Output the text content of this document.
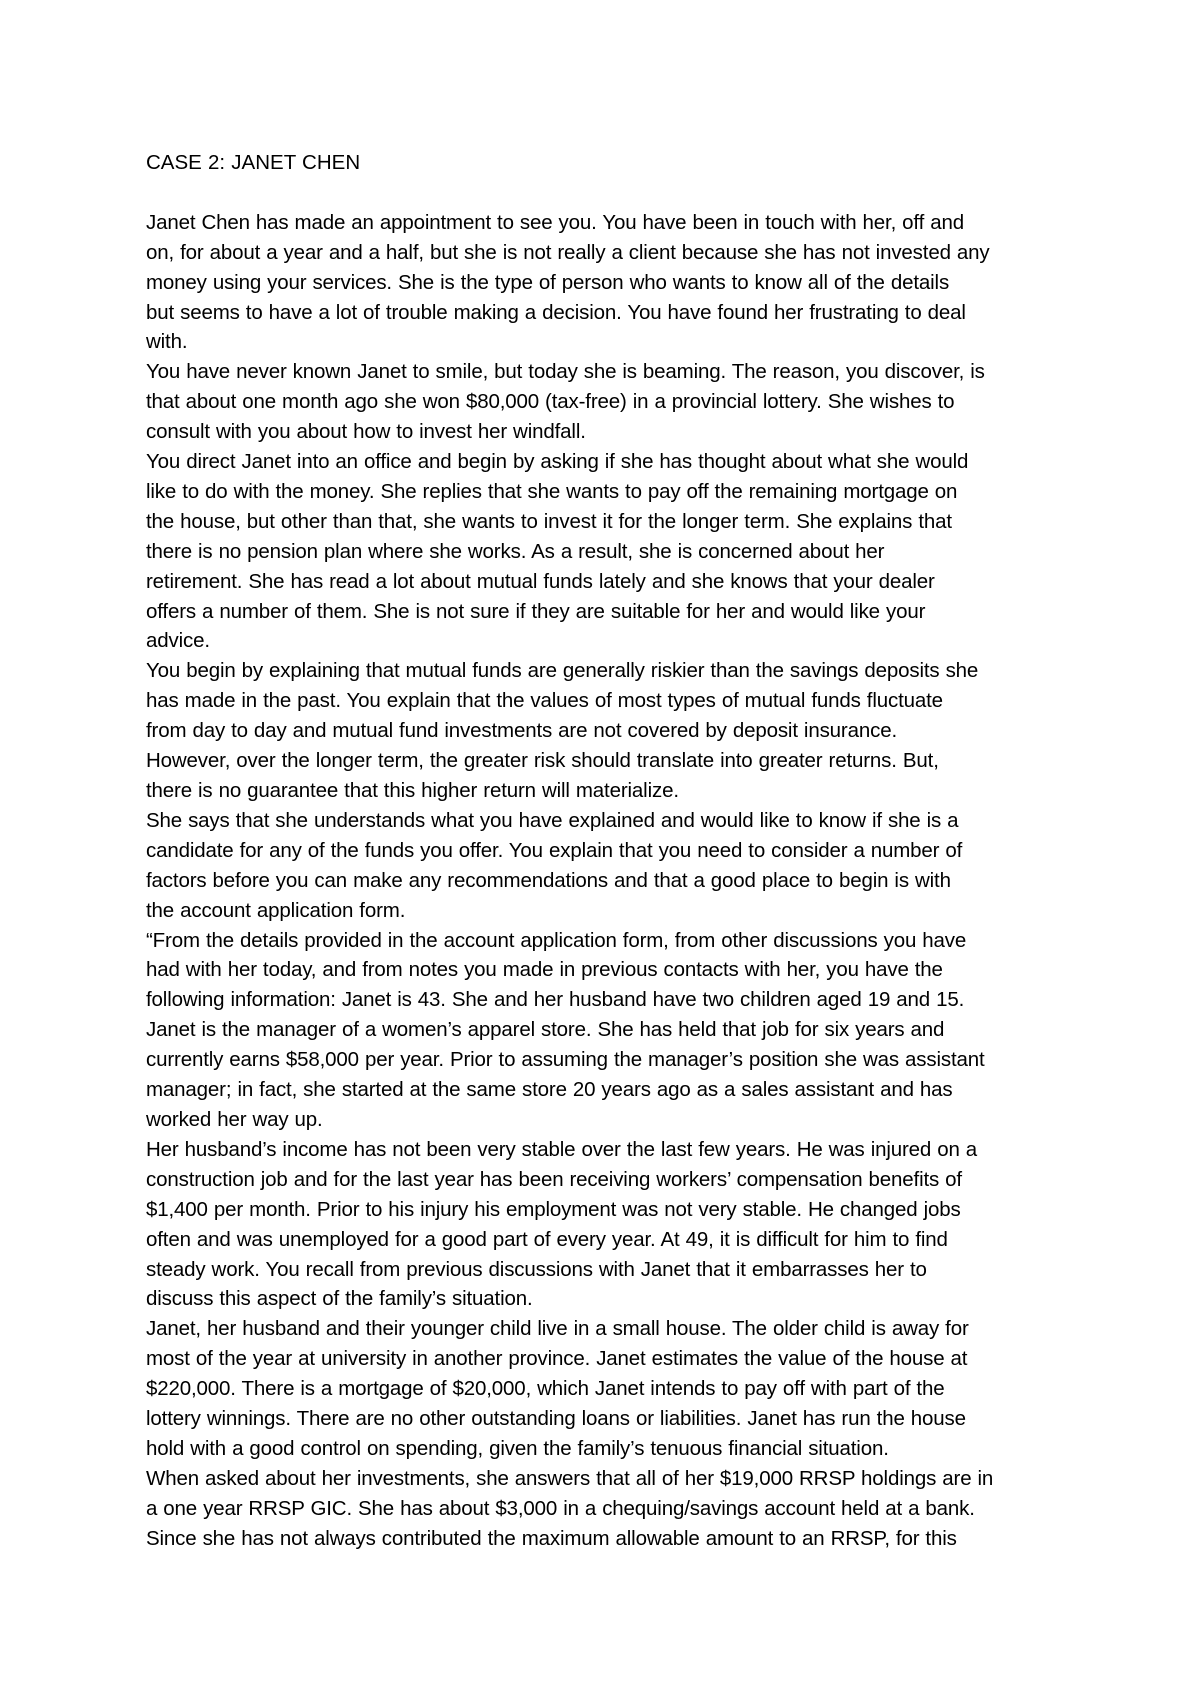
CASE 2: JANET CHEN

Janet Chen has made an appointment to see you. You have been in touch with her, off and
on, for about a year and a half, but she is not really a client because she has not invested any
money using your services. She is the type of person who wants to know all of the details
but seems to have a lot of trouble making a decision. You have found her frustrating to deal
with.

You have never known Janet to smile, but today she is beaming. The reason, you discover, is
that about one month ago she won $80,000 (tax-free) in a provincial lottery. She wishes to
consult with you about how to invest her windfall.

You direct Janet into an office and begin by asking if she has thought about what she would
like to do with the money. She replies that she wants to pay off the remaining mortgage on
the house, but other than that, she wants to invest it for the longer term. She explains that
there is no pension plan where she works. As a result, she is concerned about her
retirement. She has read a lot about mutual funds lately and she knows that your dealer
offers a number of them. She is not sure if they are suitable for her and would like your
advice.

You begin by explaining that mutual funds are generally riskier than the savings deposits she
has made in the past. You explain that the values of most types of mutual funds fluctuate
from day to day and mutual fund investments are not covered by deposit insurance.
However, over the longer term, the greater risk should translate into greater returns. But,
there is no guarantee that this higher return will materialize.

She says that she understands what you have explained and would like to know if she is a
candidate for any of the funds you offer. You explain that you need to consider a number of
factors before you can make any recommendations and that a good place to begin is with
the account application form.

“From the details provided in the account application form, from other discussions you have
had with her today, and from notes you made in previous contacts with her, you have the
following information: Janet is 43. She and her husband have two children aged 19 and 15.
Janet is the manager of a women’s apparel store. She has held that job for six years and
currently earns $58,000 per year. Prior to assuming the manager’s position she was assistant
manager; in fact, she started at the same store 20 years ago as a sales assistant and has
worked her way up.

Her husband’s income has not been very stable over the last few years. He was injured on a
construction job and for the last year has been receiving workers’ compensation benefits of
$1,400 per month. Prior to his injury his employment was not very stable. He changed jobs
often and was unemployed for a good part of every year. At 49, it is difficult for him to find
steady work. You recall from previous discussions with Janet that it embarrasses her to
discuss this aspect of the family’s situation.

Janet, her husband and their younger child live in a small house. The older child is away for
most of the year at university in another province. Janet estimates the value of the house at
$220,000. There is a mortgage of $20,000, which Janet intends to pay off with part of the
lottery winnings. There are no other outstanding loans or liabilities. Janet has run the house
hold with a good control on spending, given the family’s tenuous financial situation.

When asked about her investments, she answers that all of her $19,000 RRSP holdings are in
a one year RRSP GIC. She has about $3,000 in a chequing/savings account held at a bank.
Since she has not always contributed the maximum allowable amount to an RRSP, for this
